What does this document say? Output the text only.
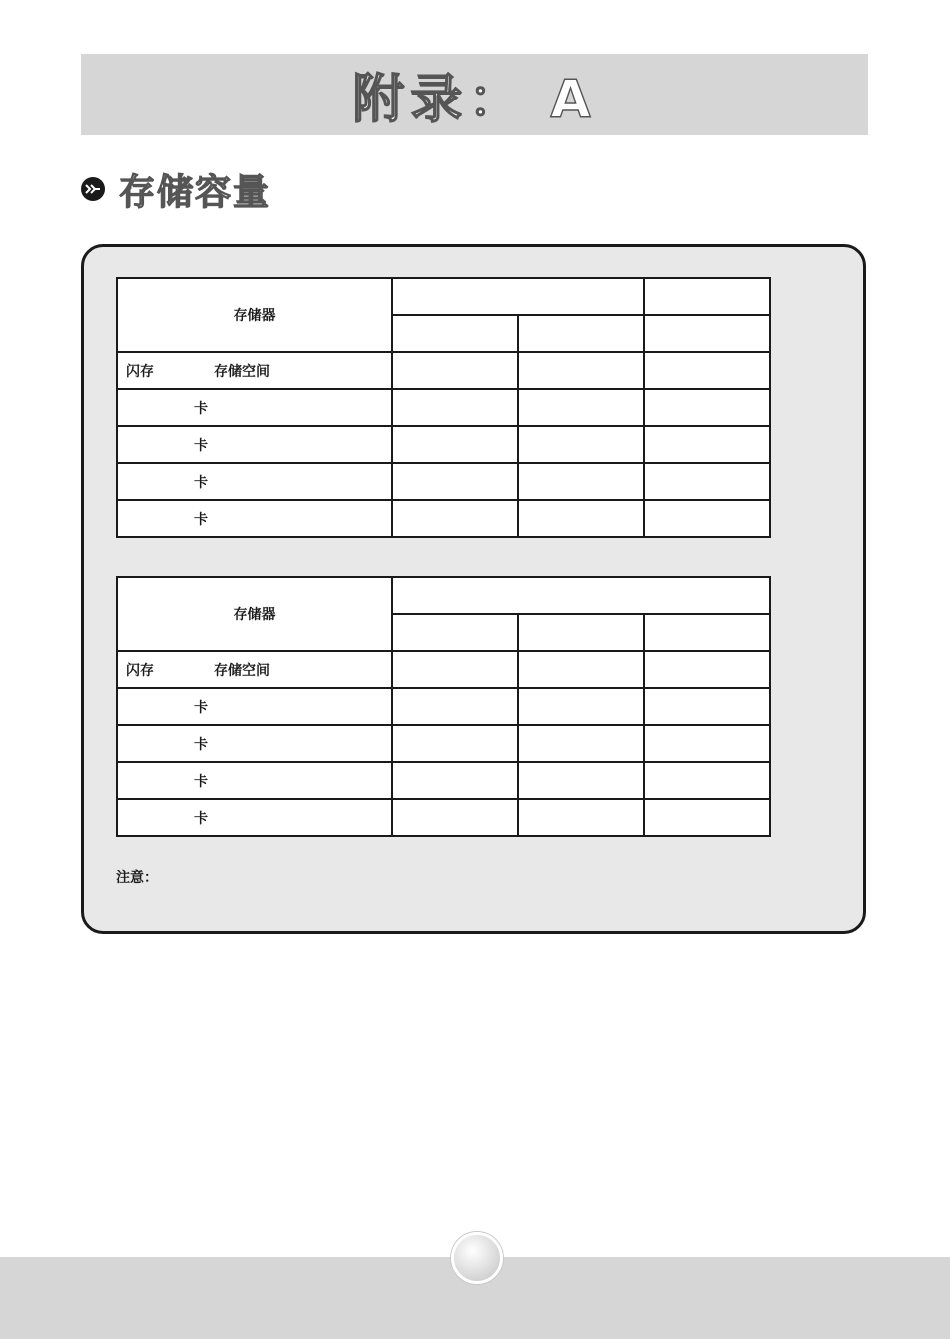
附录： A
存储容量
存储器			

闪存 存储空间			
卡			
卡			
卡			
卡			
存储器			

闪存 存储空间			
卡			
卡			
卡			
卡			
注意：
